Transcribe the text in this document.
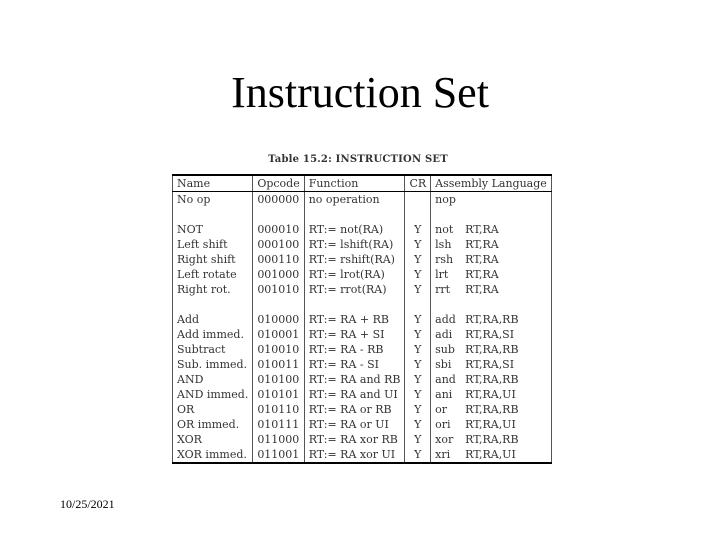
Instruction Set
Table 15.2: INSTRUCTION SET
Name	Opcode	Function	CR	Assembly Language
No op	000000	no operation		nop

NOT	000010	RT:= not(RA)	Y	not RT,RA
Left shift	000100	RT:= lshift(RA)	Y	lsh RT,RA
Right shift	000110	RT:= rshift(RA)	Y	rsh RT,RA
Left rotate	001000	RT:= lrot(RA)	Y	lrt RT,RA
Right rot.	001010	RT:= rrot(RA)	Y	rrt RT,RA

Add	010000	RT:= RA + RB	Y	add RT,RA,RB
Add immed.	010001	RT:= RA + SI	Y	adi RT,RA,SI
Subtract	010010	RT:= RA - RB	Y	sub RT,RA,RB
Sub. immed.	010011	RT:= RA - SI	Y	sbi RT,RA,SI
AND	010100	RT:= RA and RB	Y	and RT,RA,RB
AND immed.	010101	RT:= RA and UI	Y	ani RT,RA,UI
OR	010110	RT:= RA or RB	Y	or RT,RA,RB
OR immed.	010111	RT:= RA or UI	Y	ori RT,RA,UI
XOR	011000	RT:= RA xor RB	Y	xor RT,RA,RB
XOR immed.	011001	RT:= RA xor UI	Y	xri RT,RA,UI
10/25/2021
